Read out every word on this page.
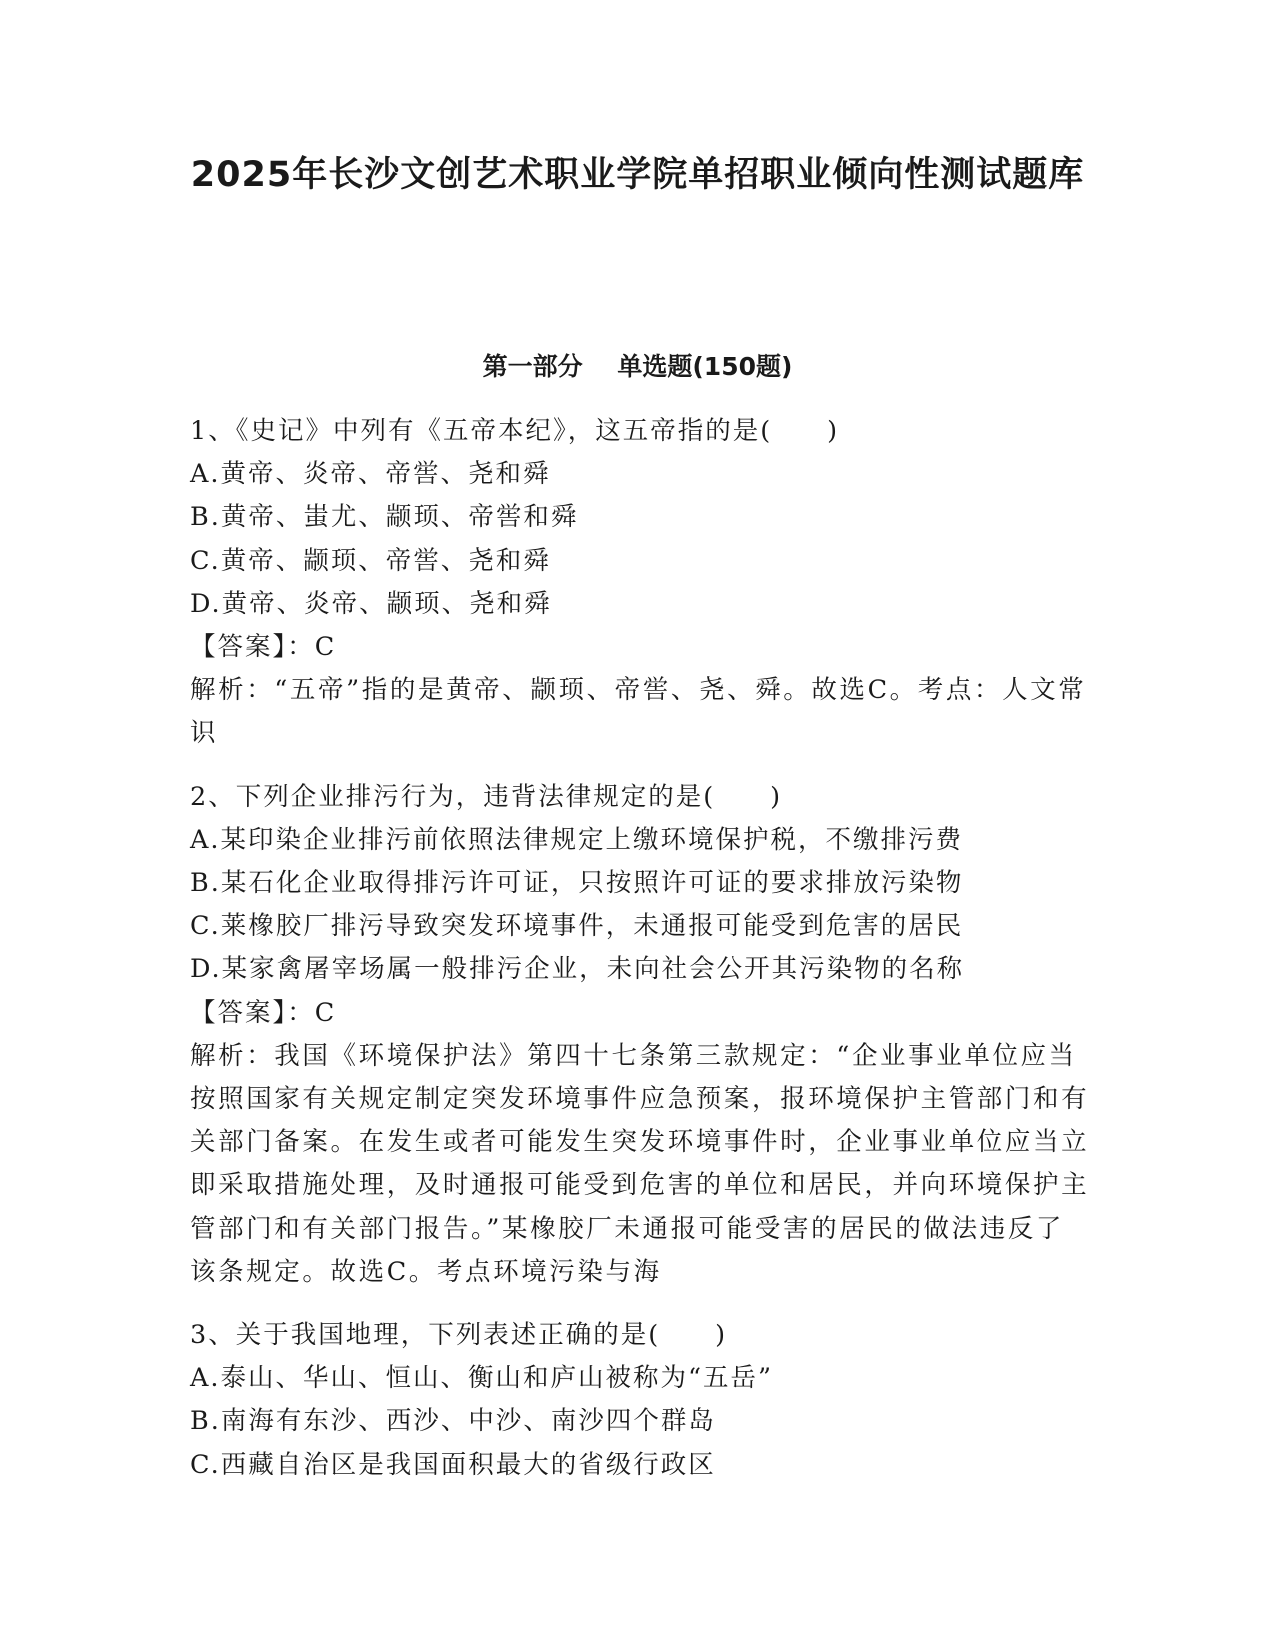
2025年长沙文创艺术职业学院单招职业倾向性测试题库
第一部分    单选题(150题)
1、《史记》中列有《五帝本纪》，这五帝指的是(　　)
A.黄帝、炎帝、帝喾、尧和舜
B.黄帝、蚩尤、颛顼、帝喾和舜
C.黄帝、颛顼、帝喾、尧和舜
D.黄帝、炎帝、颛顼、尧和舜
【答案】：C
解析：“五帝”指的是黄帝、颛顼、帝喾、尧、舜。故选C。考点：人文常识
2、下列企业排污行为，违背法律规定的是(　　)
A.某印染企业排污前依照法律规定上缴环境保护税，不缴排污费
B.某石化企业取得排污许可证，只按照许可证的要求排放污染物
C.莱橡胶厂排污导致突发环境事件，未通报可能受到危害的居民
D.某家禽屠宰场属一般排污企业，未向社会公开其污染物的名称
【答案】：C
解析：我国《环境保护法》第四十七条第三款规定：“企业事业单位应当按照国家有关规定制定突发环境事件应急预案，报环境保护主管部门和有关部门备案。在发生或者可能发生突发环境事件时，企业事业单位应当立即采取措施处理，及时通报可能受到危害的单位和居民，并向环境保护主管部门和有关部门报告。”某橡胶厂未通报可能受害的居民的做法违反了该条规定。故选C。考点环境污染与海
3、关于我国地理，下列表述正确的是(　　)
A.泰山、华山、恒山、衡山和庐山被称为“五岳”
B.南海有东沙、西沙、中沙、南沙四个群岛
C.西藏自治区是我国面积最大的省级行政区
